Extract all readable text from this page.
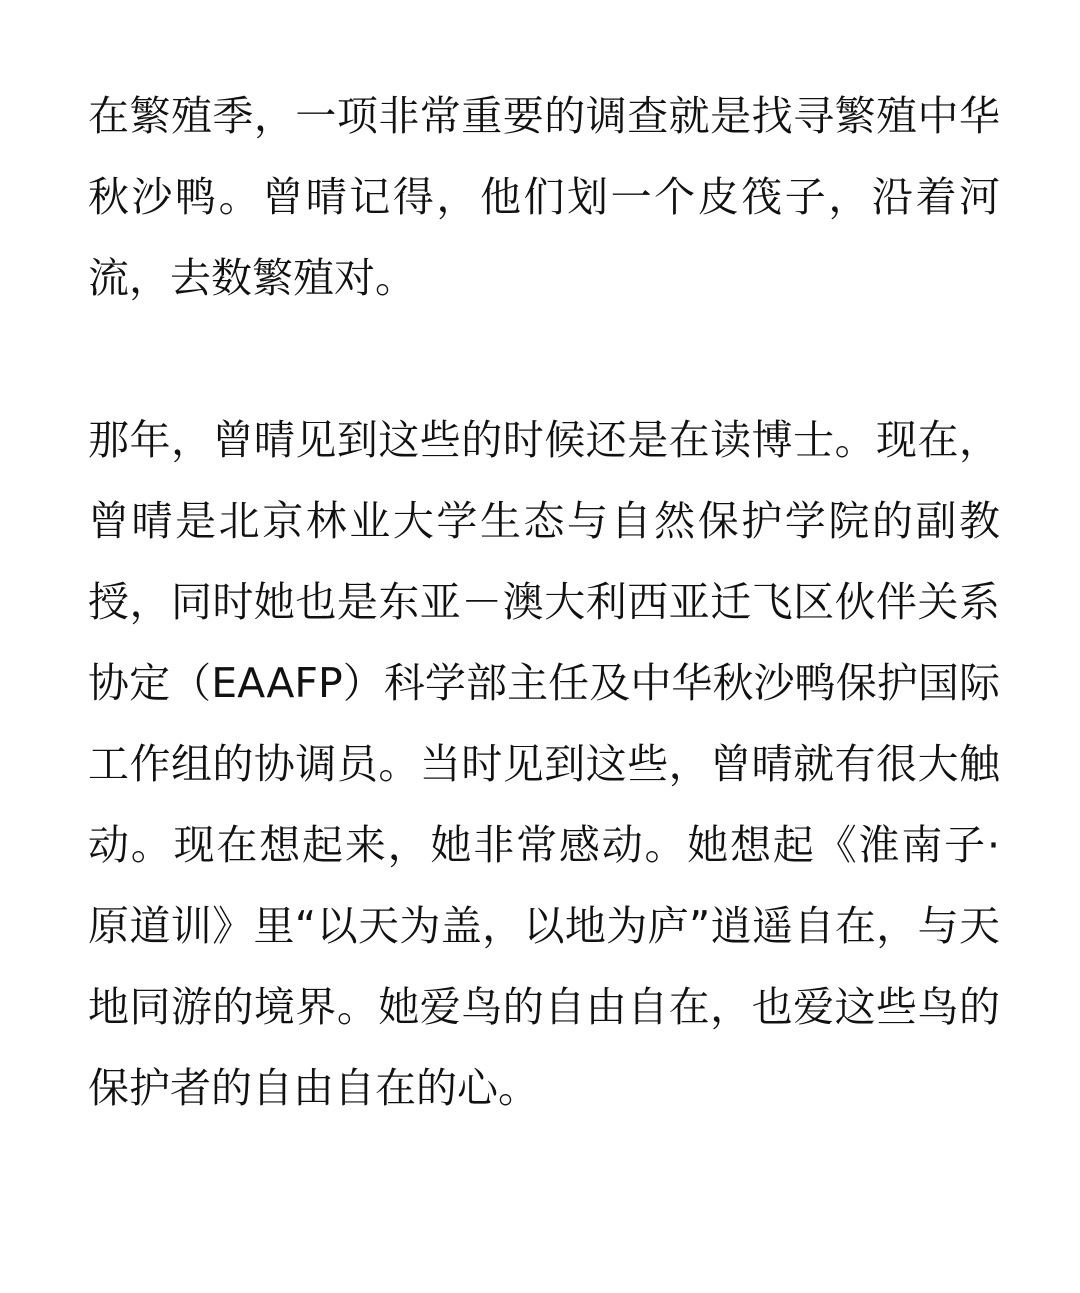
在繁殖季，一项非常重要的调查就是找寻繁殖中华秋沙鸭。曾晴记得，他们划一个皮筏子，沿着河流，去数繁殖对。

那年，曾晴见到这些的时候还是在读博士。现在，曾晴是北京林业大学生态与自然保护学院的副教授，同时她也是东亚－澳大利西亚迁飞区伙伴关系协定（EAAFP）科学部主任及中华秋沙鸭保护国际工作组的协调员。当时见到这些，曾晴就有很大触动。现在想起来，她非常感动。她想起《淮南子·原道训》里“以天为盖，以地为庐”逍遥自在，与天地同游的境界。她爱鸟的自由自在，也爱这些鸟的保护者的自由自在的心。
